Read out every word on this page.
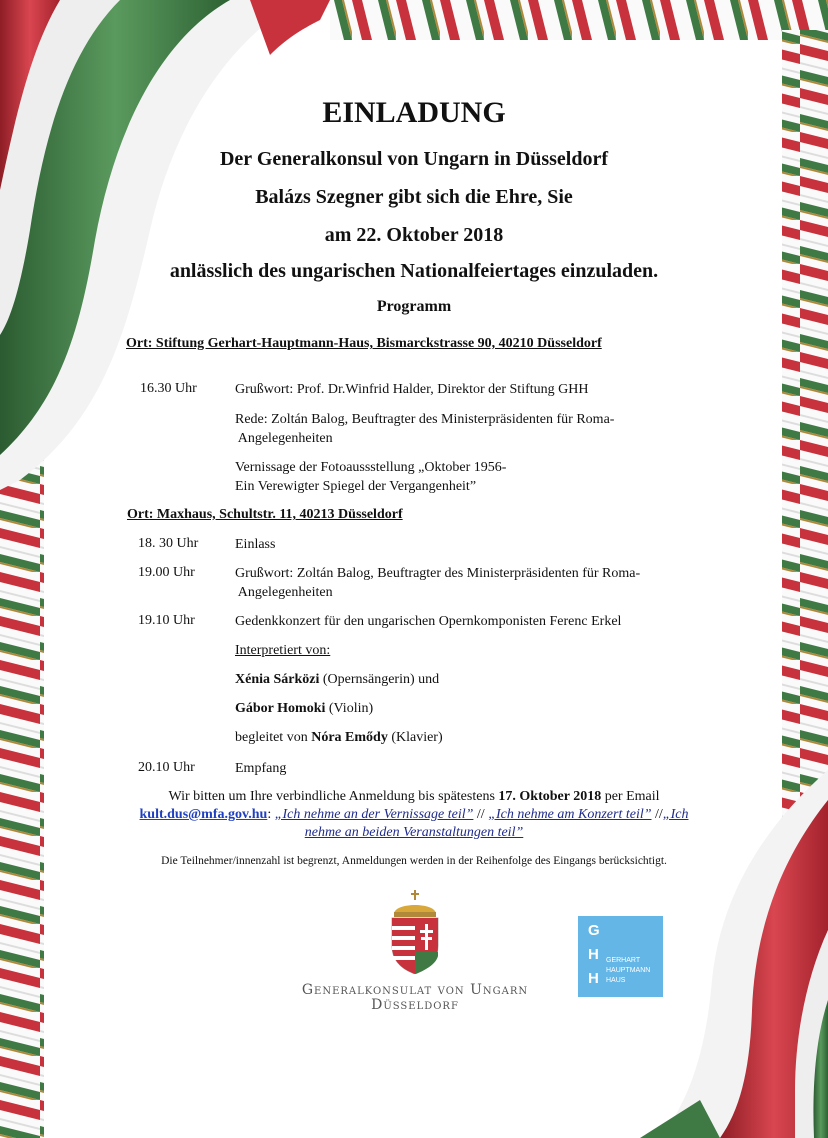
EINLADUNG
Der Generalkonsul von Ungarn in Düsseldorf
Balázs Szegner gibt sich die Ehre, Sie
am 22. Oktober 2018
anlässlich des ungarischen Nationalfeiertages einzuladen.
Programm
Ort: Stiftung Gerhart-Hauptmann-Haus, Bismarckstrasse 90, 40210 Düsseldorf
16.30 Uhr	Grußwort: Prof. Dr.Winfrid Halder, Direktor der Stiftung GHH
Rede: Zoltán Balog, Beuftragter des Ministerpräsidenten für Roma-
Angelegenheiten
Vernissage der Fotoaussstellung „Oktober 1956-
Ein Verewigter Spiegel der Vergangenheit”
Ort: Maxhaus, Schultstr. 11, 40213 Düsseldorf
18. 30 Uhr	Einlass
19.00 Uhr	Grußwort: Zoltán Balog, Beuftragter des Ministerpräsidenten für Roma-
Angelegenheiten
19.10 Uhr	Gedenkkonzert für den ungarischen Opernkomponisten Ferenc Erkel
Interpretiert von:
Xénia Sárközi (Opernsängerin) und
Gábor Homoki (Violin)
begleitet von Nóra Emődy (Klavier)
20.10 Uhr	Empfang
Wir bitten um Ihre verbindliche Anmeldung bis spätestens 17. Oktober 2018 per Email
kult.dus@mfa.gov.hu: „Ich nehme an der Vernissage teil” // „Ich nehme am Konzert teil” //„Ich
nehme an beiden Veranstaltungen teil”
Die Teilnehmer/innenzahl ist begrenzt, Anmeldungen werden in der Reihenfolge des Eingangs berücksichtigt.
Generalkonsulat von Ungarn
Düsseldorf
G
H
H
GERHART
HAUPTMANN
HAUS
